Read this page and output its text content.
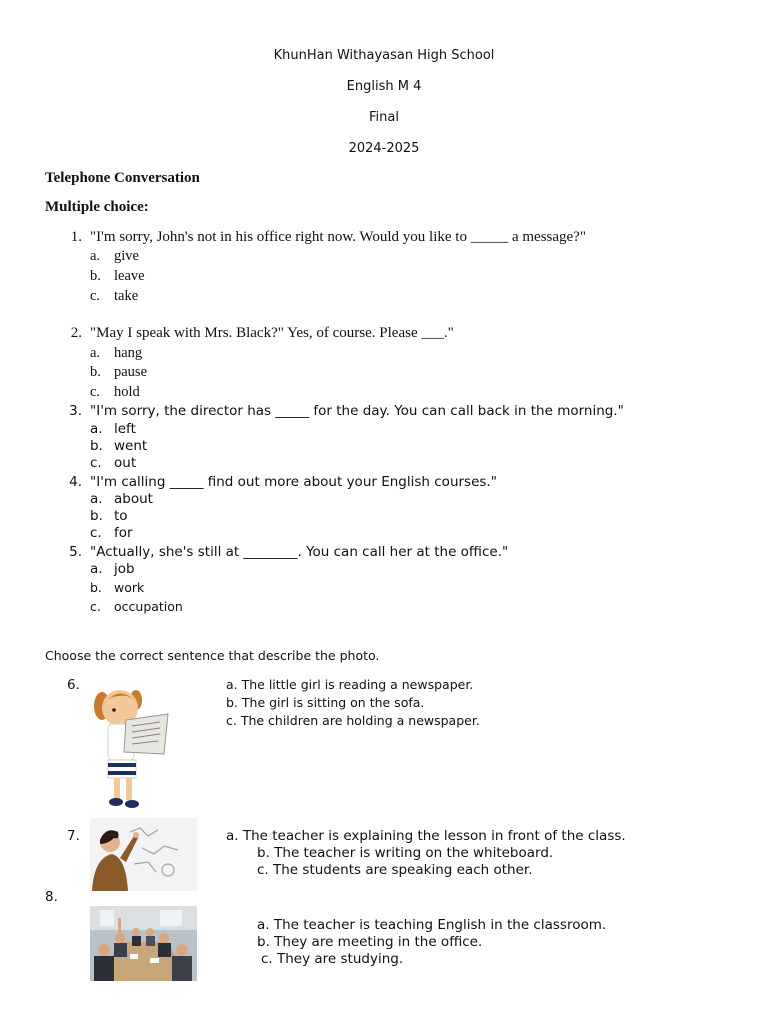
KhunHan Withayasan High School
English M 4
Final
2024-2025
Telephone Conversation
Multiple choice:
1. "I'm sorry, John's not in his office right now. Would you like to _____ a message?"
a. give
b. leave
c. take
2. "May I speak with Mrs. Black?" Yes, of course. Please ___."
a. hang
b. pause
c. hold
3. "I'm sorry, the director has _____ for the day. You can call back in the morning."
a. left
b. went
c. out
4. "I'm calling _____ find out more about your English courses."
a. about
b. to
c. for
5. "Actually, she's still at ________. You can call her at the office."
a. job
b. work
c. occupation
Choose the correct sentence that describe the photo.
6.	a. The little girl is reading a newspaper.
b. The girl is sitting on the sofa.
c. The children are holding a newspaper.
7.	a. The teacher is explaining the lesson in front of the class.
b. The teacher is writing on the whiteboard.
c. The students are speaking each other.
8.
a. The teacher is teaching English in the classroom.
b. They are meeting in the office.
c. They are studying.
